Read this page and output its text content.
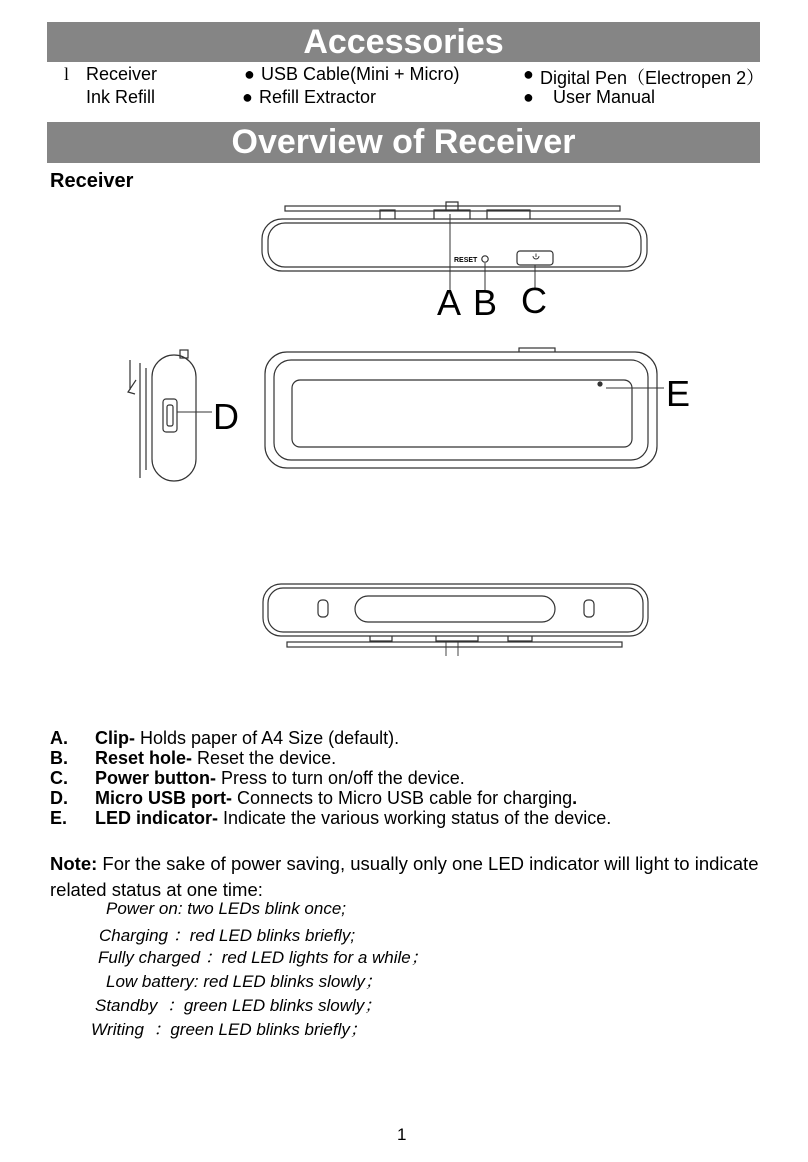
Accessories
l Receiver	● USB Cable(Mini + Micro)	● Digital Pen（Electropen 2）
Ink Refill	● Refill Extractor	● User Manual
Overview of Receiver
Receiver
A B C
D
E
RESET
A. Clip- Holds paper of A4 Size (default).
B. Reset hole- Reset the device.
C. Power button- Press to turn on/off the device.
D. Micro USB port- Connects to Micro USB cable for charging.
E. LED indicator- Indicate the various working status of the device.
Note: For the sake of power saving, usually only one LED indicator will light to indicate related status at one time:
Power on: two LEDs blink once;
Charging ：red LED blinks briefly;
Fully charged ：red LED lights for a while；
Low battery: red LED blinks slowly；
Standby  ：green LED blinks slowly；
Writing  ：green LED blinks briefly；
1
